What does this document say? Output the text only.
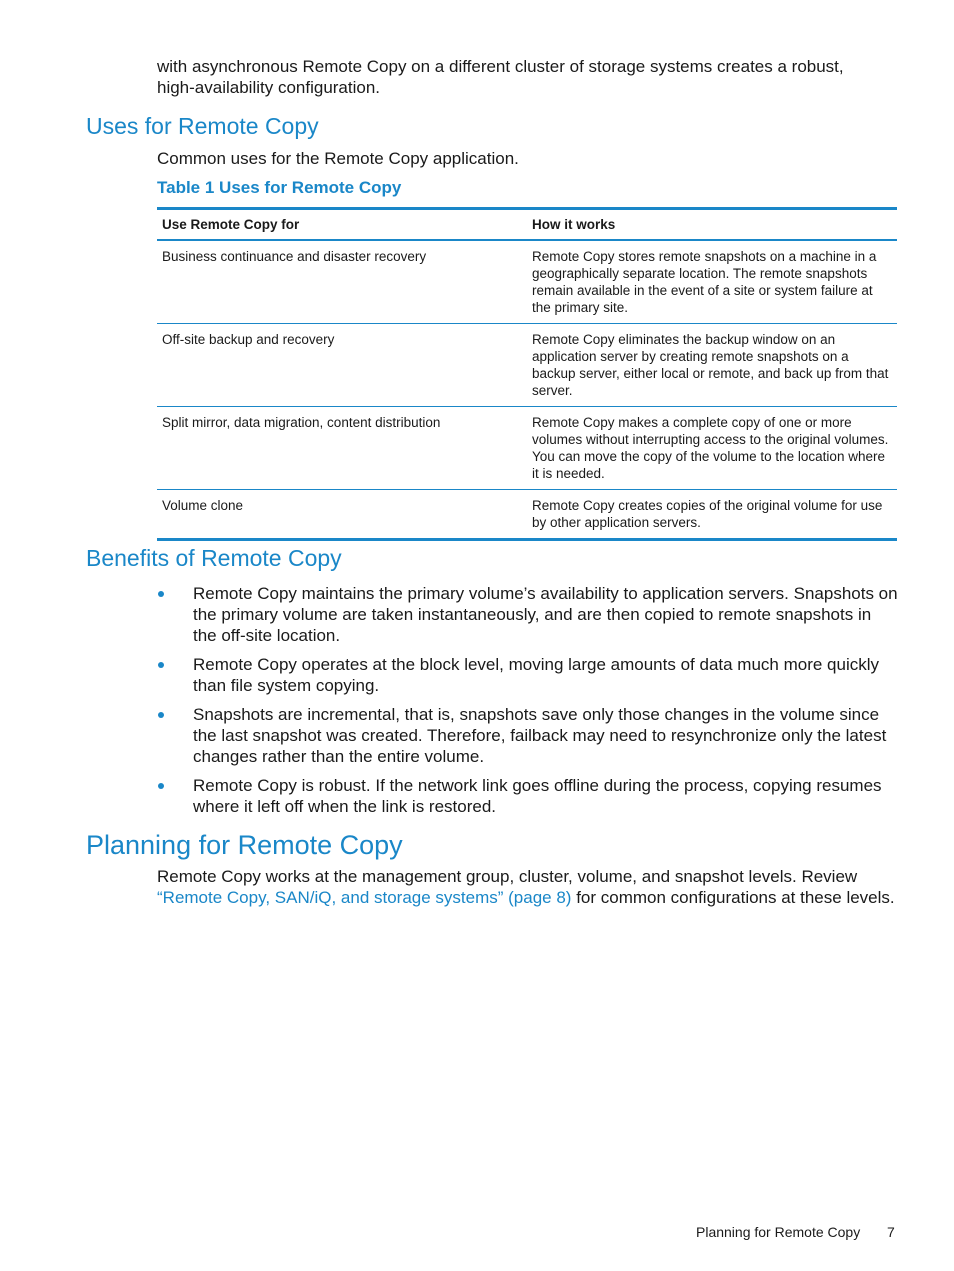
with asynchronous Remote Copy on a different cluster of storage systems creates a robust,
high-availability configuration.
Uses for Remote Copy
Common uses for the Remote Copy application.
Table 1 Uses for Remote Copy
Use Remote Copy for	How it works
Business continuance and disaster recovery	Remote Copy stores remote snapshots on a machine in a geographically separate location. The remote snapshots remain available in the event of a site or system failure at the primary site.
Off-site backup and recovery	Remote Copy eliminates the backup window on an application server by creating remote snapshots on a backup server, either local or remote, and back up from that server.
Split mirror, data migration, content distribution	Remote Copy makes a complete copy of one or more volumes without interrupting access to the original volumes. You can move the copy of the volume to the location where it is needed.
Volume clone	Remote Copy creates copies of the original volume for use by other application servers.
Benefits of Remote Copy
Remote Copy maintains the primary volume’s availability to application servers. Snapshots on the primary volume are taken instantaneously, and are then copied to remote snapshots in the off-site location.
Remote Copy operates at the block level, moving large amounts of data much more quickly than file system copying.
Snapshots are incremental, that is, snapshots save only those changes in the volume since the last snapshot was created. Therefore, failback may need to resynchronize only the latest changes rather than the entire volume.
Remote Copy is robust. If the network link goes offline during the process, copying resumes where it left off when the link is restored.
Planning for Remote Copy
Remote Copy works at the management group, cluster, volume, and snapshot levels. Review
“Remote Copy, SAN/iQ, and storage systems” (page 8) for common configurations at these levels.
Planning for Remote Copy 7
